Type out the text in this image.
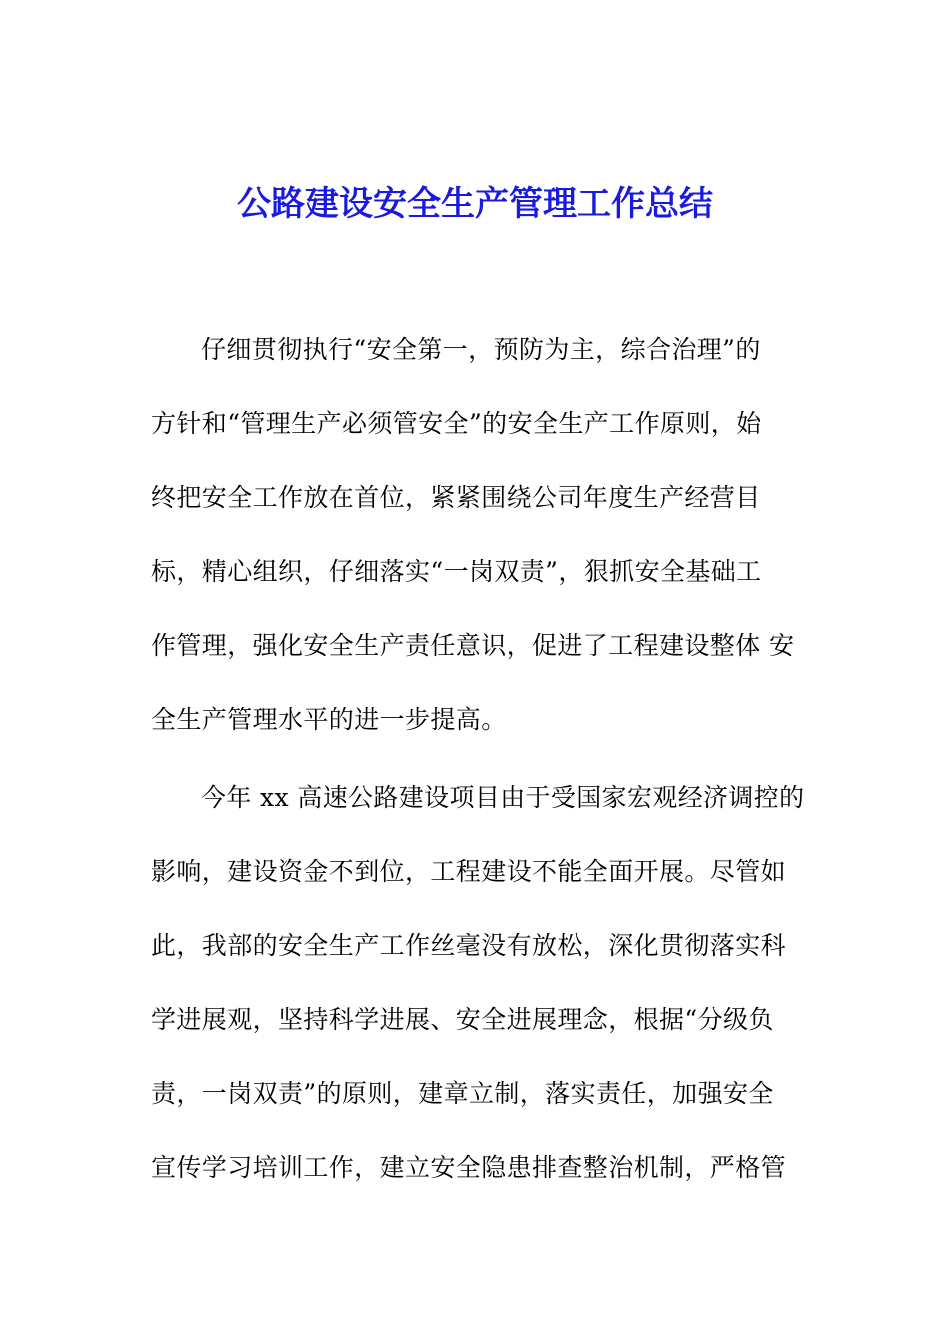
公路建设安全生产管理工作总结

仔细贯彻执行“安全第一，预防为主，综合治理”的

方针和“管理生产必须管安全”的安全生产工作原则，始

终把安全工作放在首位，紧紧围绕公司年度生产经营目

标，精心组织，仔细落实“一岗双责”，狠抓安全基础工

作管理，强化安全生产责任意识，促进了工程建设整体 安

全生产管理水平的进一步提高。

今年 xx 高速公路建设项目由于受国家宏观经济调控的

影响，建设资金不到位，工程建设不能全面开展。尽管如

此，我部的安全生产工作丝毫没有放松，深化贯彻落实科

学进展观，坚持科学进展、安全进展理念，根据“分级负

责，一岗双责”的原则，建章立制，落实责任，加强安全

宣传学习培训工作，建立安全隐患排查整治机制，严格管
